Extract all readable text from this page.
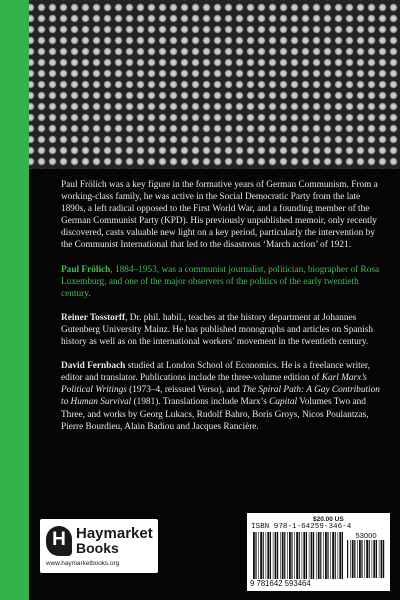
Paul Frölich was a key figure in the formative years of German Communism. From a working-class family, he was active in the Social Democratic Party from the late 1890s, a left radical opposed to the First World War, and a founding member of the German Communist Party (KPD). His previously unpublished memoir, only recently discovered, casts valuable new light on a key period, particularly the intervention by the Communist International that led to the disastrous ‘March action’ of 1921.

Paul Frölich, 1884–1953, was a communist journalist, politician, biographer of Rosa Luxemburg, and one of the major observers of the politics of the early twentieth century.

Reiner Tosstorff, Dr. phil. habil., teaches at the history department at Johannes Gutenberg University Mainz. He has published monographs and articles on Spanish history as well as on the international workers’ movement in the twentieth century.

David Fernbach studied at London School of Economics. He is a freelance writer, editor and translator. Publications include the three-volume edition of Karl Marx’s Political Writings (1973–4, reissued Verso), and The Spiral Path: A Gay Contribution to Human Survival (1981). Translations include Marx’s Capital Volumes Two and Three, and works by Georg Lukacs, Rudolf Bahro, Boris Groys, Nicos Poulantzas, Pierre Bourdieu, Alain Badiou and Jacques Rancière.

H Haymarket
Books
www.haymarketbooks.org
$20.00 US
ISBN 978-1-64259-346-4
53000
9 781642 593464
